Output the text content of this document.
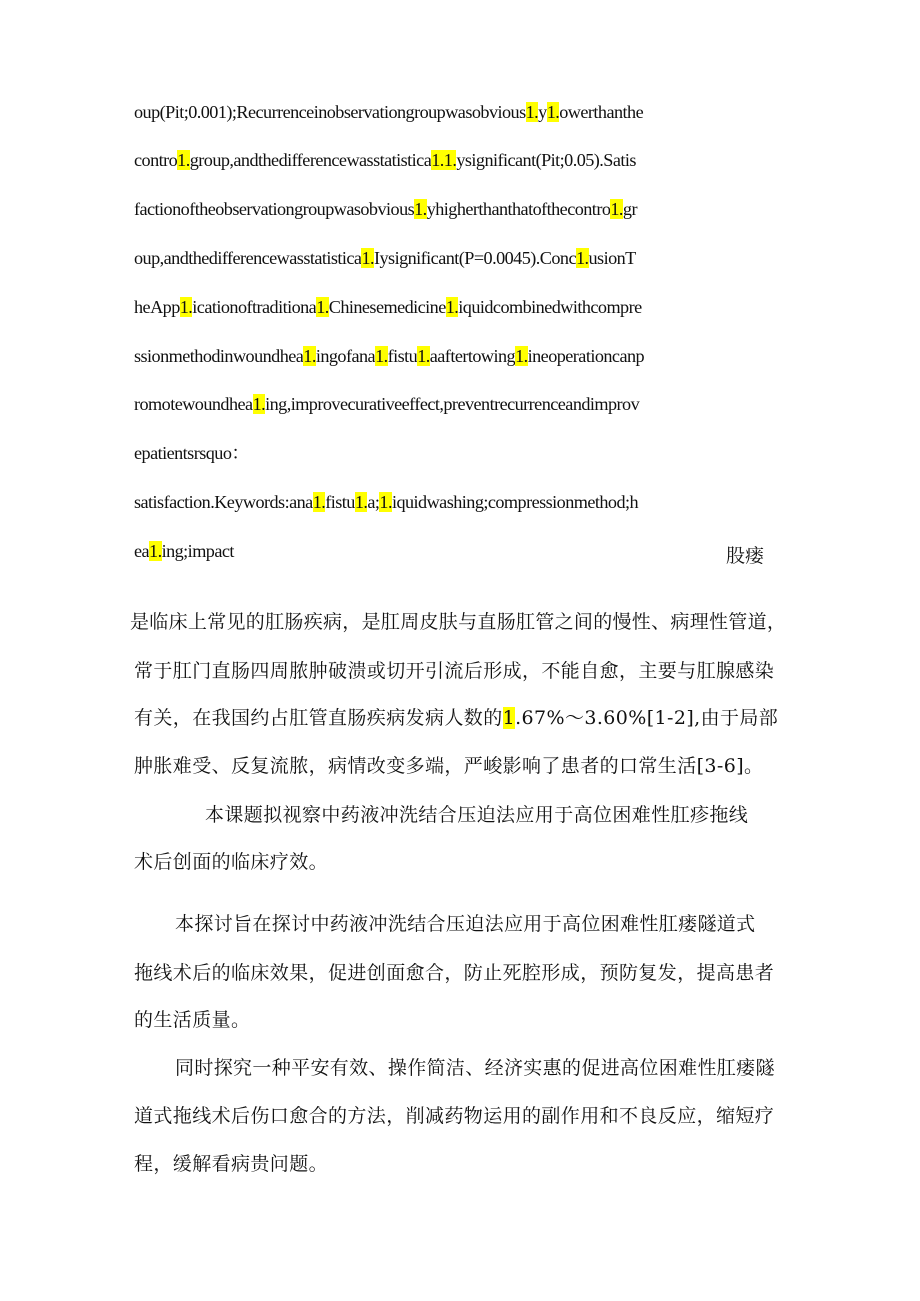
oup(Pit;0.001);Recurrenceinobservationgroupwasobvious1.y1.owerthanthe
contro1.group,andthedifferencewasstatistica1.1.ysignificant(Pit;0.05).Satis
factionoftheobservationgroupwasobvious1.yhigherthanthatofthecontro1.gr
oup,andthedifferencewasstatistica1.Iysignificant(P=0.0045).Conc1.usionT
heApp1.icationoftraditiona1.Chinesemedicine1.iquidcombinedwithcompre
ssionmethodinwoundhea1.ingofana1.fistu1.aaftertowing1.ineoperationcanp
romotewoundhea1.ing,improvecurativeeffect,preventrecurrenceandimprov
epatientsrsquo：
satisfaction.Keywords:ana1.fistu1.a;1.iquidwashing;compressionmethod;h
ea1.ing;impact	股瘘
是临床上常见的肛肠疾病，是肛周皮肤与直肠肛管之间的慢性、病理性管道，
常于肛门直肠四周脓肿破溃或切开引流后形成，不能自愈，主要与肛腺感染
有关，在我国约占肛管直肠疾病发病人数的1.67%～3.60%[1-2],由于局部
肿胀难受、反复流脓，病情改变多端，严峻影响了患者的口常生活[3-6]。
本课题拟视察中药液冲洗结合压迫法应用于高位困难性肛疹拖线
术后创面的临床疗效。
本探讨旨在探讨中药液冲洗结合压迫法应用于高位困难性肛瘘隧道式
拖线术后的临床效果，促进创面愈合，防止死腔形成，预防复发，提高患者
的生活质量。
同时探究一种平安有效、操作简洁、经济实惠的促进高位困难性肛瘘隧
道式拖线术后伤口愈合的方法，削减药物运用的副作用和不良反应，缩短疗
程，缓解看病贵问题。
